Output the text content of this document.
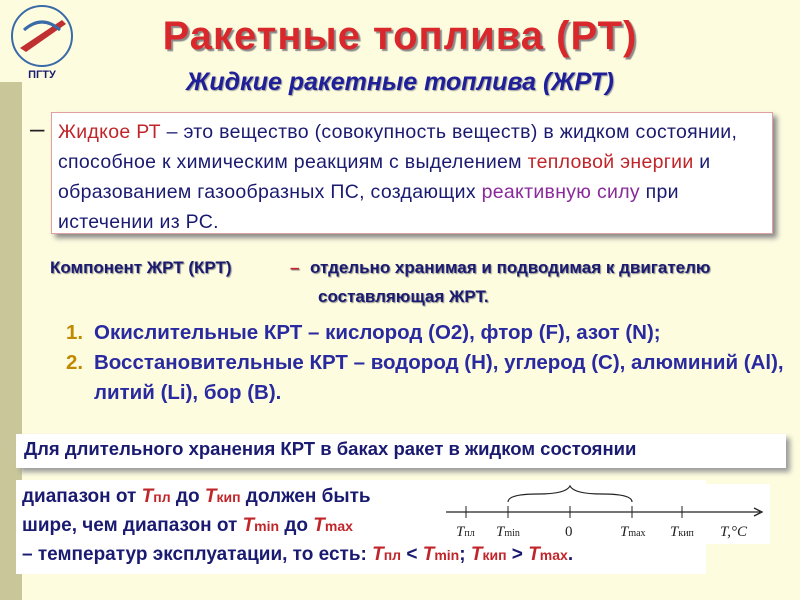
ПГТУ
Ракетные топлива (РТ)
Жидкие ракетные топлива (ЖРТ)
– Жидкое РТ – это вещество (совокупность веществ) в жидком состоянии, способное к химическим реакциям с выделением тепловой энергии и образованием газообразных ПС, создающих реактивную силу при истечении из РС.
Компонент ЖРТ (КРТ)	– отдельно хранимая и подводимая к двигателю
составляющая ЖРТ.
1. Окислительные КРТ – кислород (О2), фтор (F), азот (N);
2. Восстановительные КРТ – водород (H), углерод (C), алюминий (Al), литий (Li), бор (B).
Для длительного хранения КРТ в баках ракет в жидком состоянии
диапазон от Tпл до Tкип должен быть
шире, чем диапазон от Tmin до Tmax
– температур эксплуатации, то есть: Tпл < Tmin; Tкип > Tmax.
Tпл Tmin	0	Tmax Tкип T,°C
